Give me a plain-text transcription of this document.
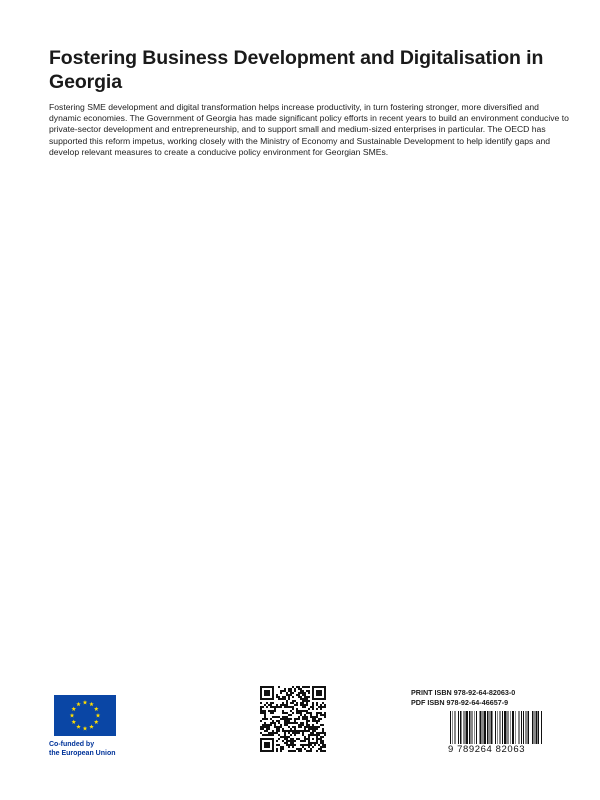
Fostering Business Development and Digitalisation in Georgia

Fostering SME development and digital transformation helps increase productivity, in turn fostering stronger, more diversified and dynamic economies. The Government of Georgia has made significant policy efforts in recent years to build an environment conducive to private-sector development and entrepreneurship, and to support small and medium-sized enterprises in particular. The OECD has supported this reform impetus, working closely with the Ministry of Economy and Sustainable Development to help identify gaps and develop relevant measures to create a conducive policy environment for Georgian SMEs.

Co-funded by
the European Union
PRINT ISBN 978-92-64-82063-0
PDF ISBN 978-92-64-46657-9
9 789264 82063
